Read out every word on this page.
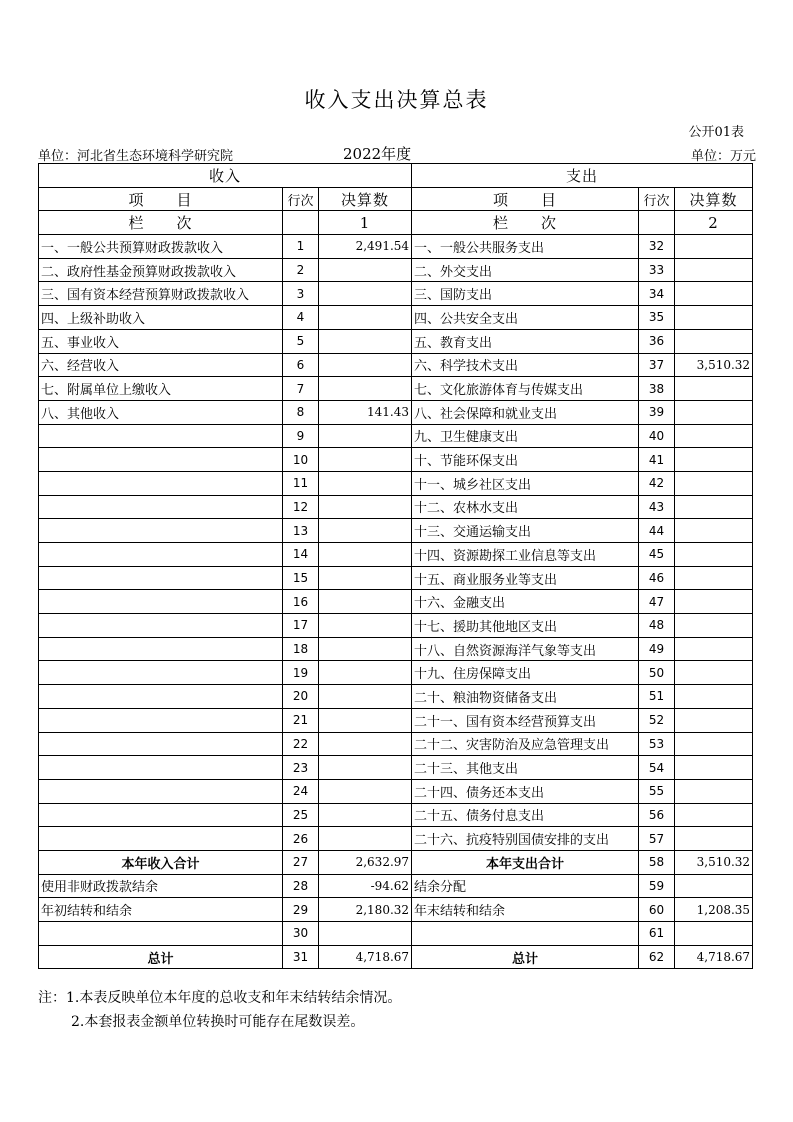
收入支出决算总表
公开01表
单位：河北省生态环境科学研究院	2022年度	单位：万元
收入			支出		
项　　目	行次	决算数	项　　目	行次	决算数
栏　　次		1	栏　　次		2
一、一般公共预算财政拨款收入	1	2,491.54	一、一般公共服务支出	32	
二、政府性基金预算财政拨款收入	2		二、外交支出	33	
三、国有资本经营预算财政拨款收入	3		三、国防支出	34	
四、上级补助收入	4		四、公共安全支出	35	
五、事业收入	5		五、教育支出	36	
六、经营收入	6		六、科学技术支出	37	3,510.32
七、附属单位上缴收入	7		七、文化旅游体育与传媒支出	38	
八、其他收入	8	141.43	八、社会保障和就业支出	39	
	9		九、卫生健康支出	40	
	10		十、节能环保支出	41	
	11		十一、城乡社区支出	42	
	12		十二、农林水支出	43	
	13		十三、交通运输支出	44	
	14		十四、资源勘探工业信息等支出	45	
	15		十五、商业服务业等支出	46	
	16		十六、金融支出	47	
	17		十七、援助其他地区支出	48	
	18		十八、自然资源海洋气象等支出	49	
	19		十九、住房保障支出	50	
	20		二十、粮油物资储备支出	51	
	21		二十一、国有资本经营预算支出	52	
	22		二十二、灾害防治及应急管理支出	53	
	23		二十三、其他支出	54	
	24		二十四、债务还本支出	55	
	25		二十五、债务付息支出	56	
	26		二十六、抗疫特别国债安排的支出	57	
本年收入合计	27	2,632.97	本年支出合计	58	3,510.32
使用非财政拨款结余	28	-94.62	结余分配	59	
年初结转和结余	29	2,180.32	年末结转和结余	60	1,208.35
	30			61	
总计	31	4,718.67	总计	62	4,718.67
注：1.本表反映单位本年度的总收支和年末结转结余情况。
2.本套报表金额单位转换时可能存在尾数误差。
